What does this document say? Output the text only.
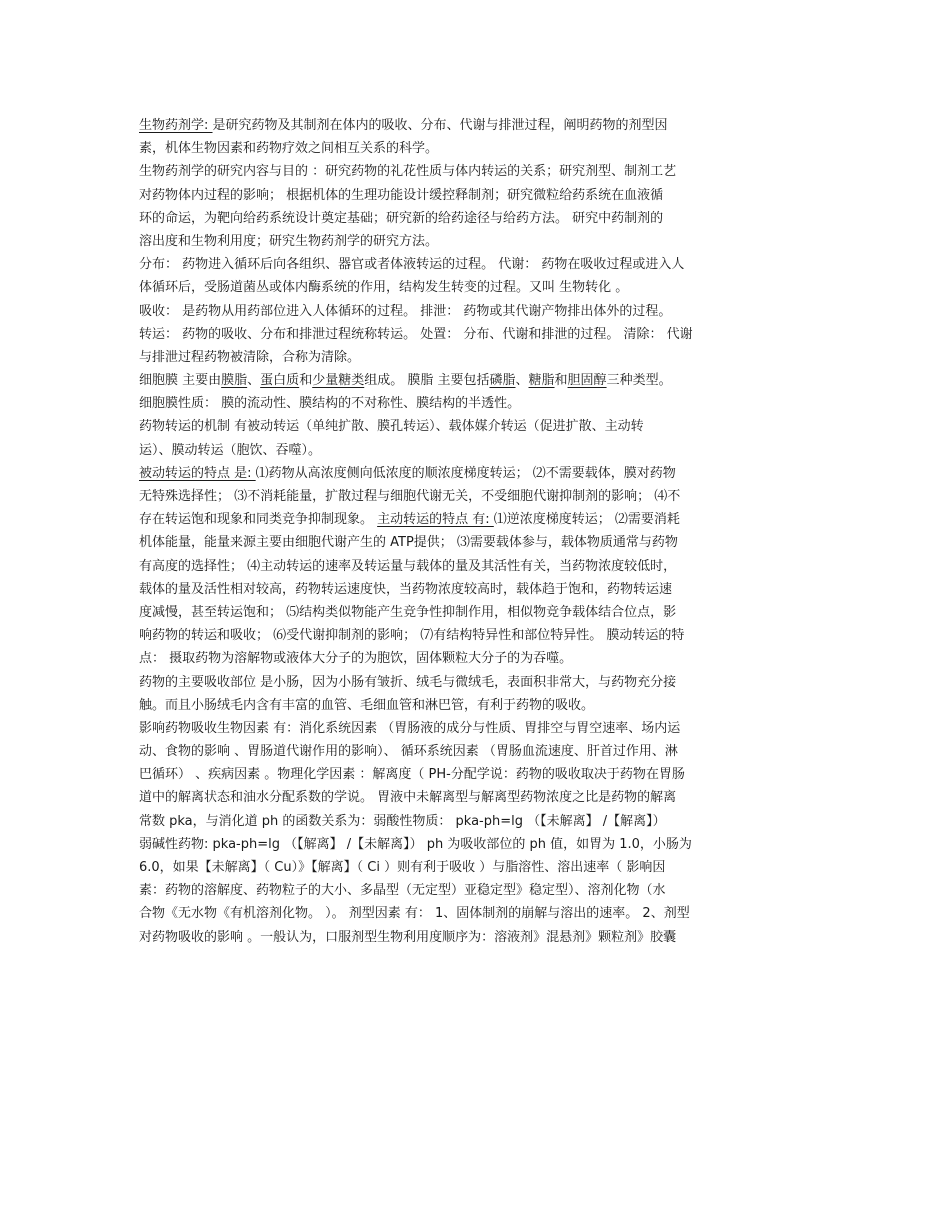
生物药剂学: 是研究药物及其制剂在体内的吸收、分布、代谢与排泄过程，阐明药物的剂型因
素，机体生物因素和药物疗效之间相互关系的科学。
生物药剂学的研究内容与目的 ：研究药物的礼花性质与体内转运的关系；研究剂型、制剂工艺
对药物体内过程的影响； 根据机体的生理功能设计缓控释制剂；研究微粒给药系统在血液循
环的命运，为靶向给药系统设计奠定基础；研究新的给药途径与给药方法。 研究中药制剂的
溶出度和生物利用度；研究生物药剂学的研究方法。
分布： 药物进入循环后向各组织、器官或者体液转运的过程。 代谢： 药物在吸收过程或进入人
体循环后，受肠道菌丛或体内酶系统的作用，结构发生转变的过程。又叫 生物转化 。
吸收： 是药物从用药部位进入人体循环的过程。 排泄： 药物或其代谢产物排出体外的过程。
转运： 药物的吸收、分布和排泄过程统称转运。 处置： 分布、代谢和排泄的过程。 清除： 代谢
与排泄过程药物被清除，合称为清除。
细胞膜 主要由膜脂、蛋白质和少量糖类组成。 膜脂 主要包括磷脂、糖脂和胆固醇三种类型。
细胞膜性质： 膜的流动性、膜结构的不对称性、膜结构的半透性。
药物转运的机制 有被动转运（单纯扩散、膜孔转运）、载体媒介转运（促进扩散、主动转
运）、膜动转运（胞饮、吞噬）。
被动转运的特点 是: ⑴药物从高浓度侧向低浓度的顺浓度梯度转运； ⑵不需要载体，膜对药物
无特殊选择性； ⑶不消耗能量，扩散过程与细胞代谢无关，不受细胞代谢抑制剂的影响； ⑷不
存在转运饱和现象和同类竞争抑制现象。 主动转运的特点 有: ⑴逆浓度梯度转运； ⑵需要消耗
机体能量，能量来源主要由细胞代谢产生的 ATP提供； ⑶需要载体参与，载体物质通常与药物
有高度的选择性； ⑷主动转运的速率及转运量与载体的量及其活性有关，当药物浓度较低时，
载体的量及活性相对较高，药物转运速度快，当药物浓度较高时，载体趋于饱和，药物转运速
度减慢，甚至转运饱和； ⑸结构类似物能产生竞争性抑制作用，相似物竞争载体结合位点，影
响药物的转运和吸收； ⑹受代谢抑制剂的影响； ⑺有结构特异性和部位特异性。 膜动转运的特
点： 摄取药物为溶解物或液体大分子的为胞饮，固体颗粒大分子的为吞噬。
药物的主要吸收部位 是小肠，因为小肠有皱折、绒毛与微绒毛，表面积非常大，与药物充分接
触。而且小肠绒毛内含有丰富的血管、毛细血管和淋巴管，有利于药物的吸收。
影响药物吸收生物因素 有：消化系统因素 （胃肠液的成分与性质、胃排空与胃空速率、场内运
动、食物的影响 、胃肠道代谢作用的影响）、 循环系统因素 （胃肠血流速度、肝首过作用、淋
巴循环） 、疾病因素 。物理化学因素 ：解离度（ PH-分配学说：药物的吸收取决于药物在胃肠
道中的解离状态和油水分配系数的学说。 胃液中未解离型与解离型药物浓度之比是药物的解离
常数 pka，与消化道 ph 的函数关系为：弱酸性物质： pka-ph=lg （【未解离】 /【解离】）
弱碱性药物: pka-ph=lg （【解离】 /【未解离】） ph 为吸收部位的 ph 值，如胃为 1.0，小肠为
6.0，如果【未解离】（ Cu）》【解离】（ Ci ）则有利于吸收 ）与脂溶性、溶出速率（ 影响因
素：药物的溶解度、药物粒子的大小、多晶型（无定型）亚稳定型》稳定型）、溶剂化物（水
合物《无水物《有机溶剂化物。 ）。 剂型因素 有： 1、固体制剂的崩解与溶出的速率。 2、剂型
对药物吸收的影响 。一般认为，口服剂型生物利用度顺序为：溶液剂》混悬剂》颗粒剂》胶囊
